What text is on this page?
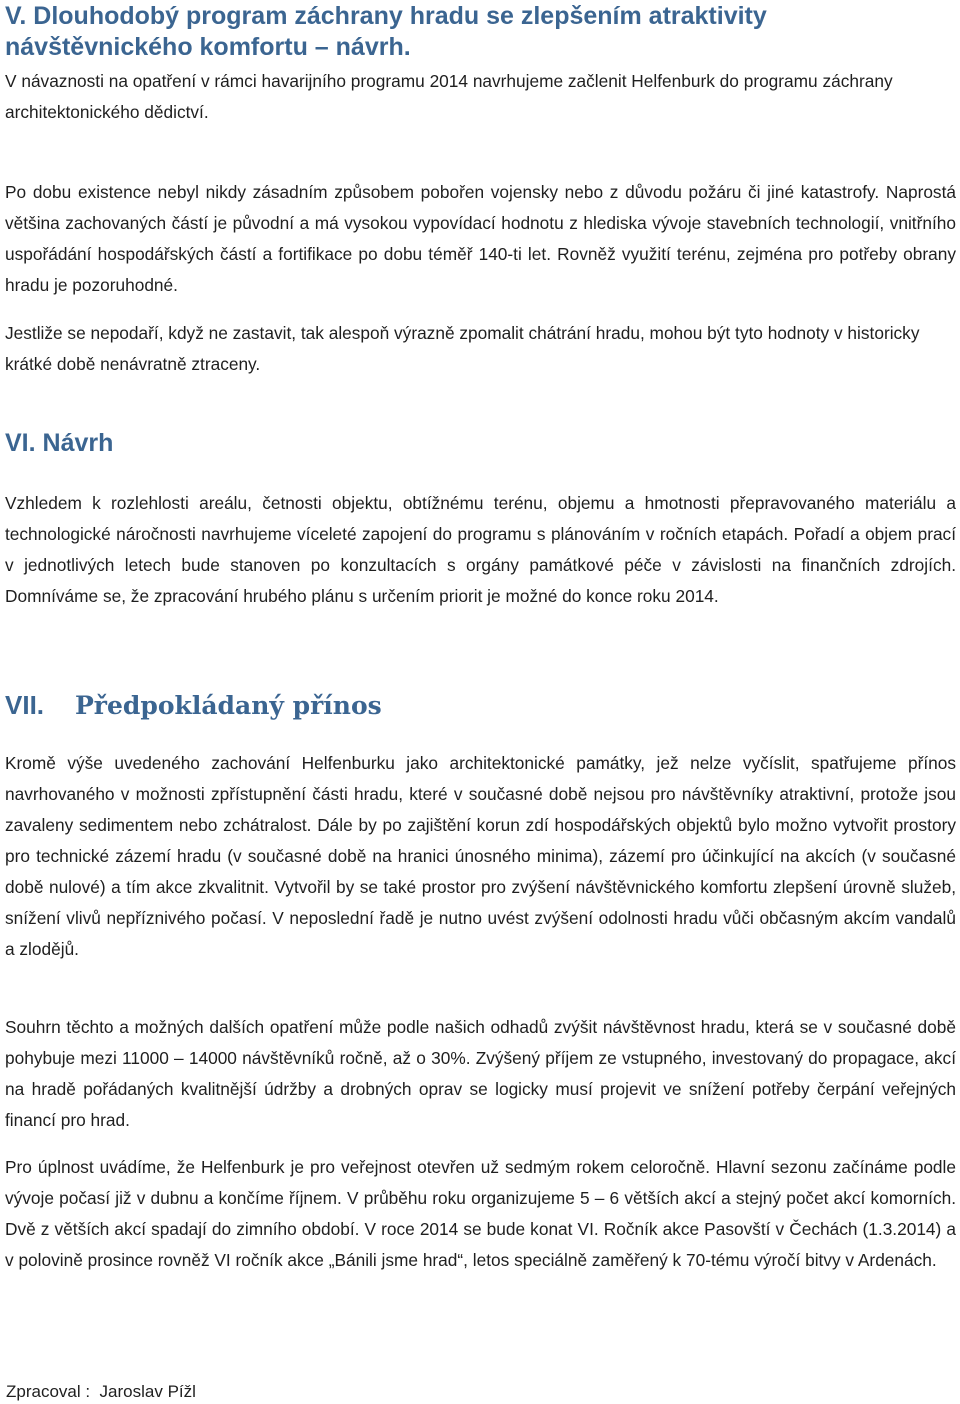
V. Dlouhodobý program záchrany hradu se zlepšením atraktivity návštěvnického komfortu – návrh.

V návaznosti na opatření v rámci havarijního programu 2014 navrhujeme začlenit Helfenburk do programu záchrany architektonického dědictví.

Po dobu existence nebyl nikdy zásadním způsobem pobořen vojensky nebo z důvodu požáru či jiné katastrofy. Naprostá většina zachovaných částí je původní a má vysokou vypovídací hodnotu z hlediska vývoje stavebních technologií, vnitřního uspořádání hospodářských částí a fortifikace po dobu téměř 140-ti let. Rovněž využití terénu, zejména pro potřeby obrany hradu je pozoruhodné.

Jestliže se nepodaří, když ne zastavit, tak alespoň výrazně zpomalit chátrání hradu, mohou být tyto hodnoty v historicky krátké době nenávratně ztraceny.

VI. Návrh

Vzhledem k rozlehlosti areálu, četnosti objektu, obtížnému terénu, objemu a hmotnosti přepravovaného materiálu a technologické náročnosti navrhujeme víceleté zapojení do programu s plánováním v ročních etapách. Pořadí a objem prací v jednotlivých letech bude stanoven po konzultacích s orgány památkové péče v závislosti na finančních zdrojích. Domníváme se, že zpracování hrubého plánu s určením priorit je možné do konce roku 2014.

VII. Předpokládaný přínos

Kromě výše uvedeného zachování Helfenburku jako architektonické památky, jež nelze vyčíslit, spatřujeme přínos navrhovaného v možnosti zpřístupnění části hradu, které v současné době nejsou pro návštěvníky atraktivní, protože jsou zavaleny sedimentem nebo zchátralost. Dále by po zajištění korun zdí hospodářských objektů bylo možno vytvořit prostory pro technické zázemí hradu (v současné době na hranici únosného minima), zázemí pro účinkující na akcích (v současné době nulové) a tím akce zkvalitnit. Vytvořil by se také prostor pro zvýšení návštěvnického komfortu zlepšení úrovně služeb, snížení vlivů nepříznivého počasí. V neposlední řadě je nutno uvést zvýšení odolnosti hradu vůči občasným akcím vandalů a zlodějů.

Souhrn těchto a možných dalších opatření může podle našich odhadů zvýšit návštěvnost hradu, která se v současné době pohybuje mezi 11000 – 14000 návštěvníků ročně, až o 30%. Zvýšený příjem ze vstupného, investovaný do propagace, akcí na hradě pořádaných kvalitnější údržby a drobných oprav se logicky musí projevit ve snížení potřeby čerpání veřejných financí pro hrad.

Pro úplnost uvádíme, že Helfenburk je pro veřejnost otevřen už sedmým rokem celoročně. Hlavní sezonu začínáme podle vývoje počasí již v dubnu a končíme říjnem. V průběhu roku organizujeme 5 – 6 větších akcí a stejný počet akcí komorních. Dvě z větších akcí spadají do zimního období. V roce 2014 se bude konat VI. Ročník akce Pasovští v Čechách (1.3.2014) a v polovině prosince rovněž VI ročník akce „Bánili jsme hrad“, letos speciálně zaměřený k 70-tému výročí bitvy v Ardenách.

Zpracoval : Jaroslav Pížl
